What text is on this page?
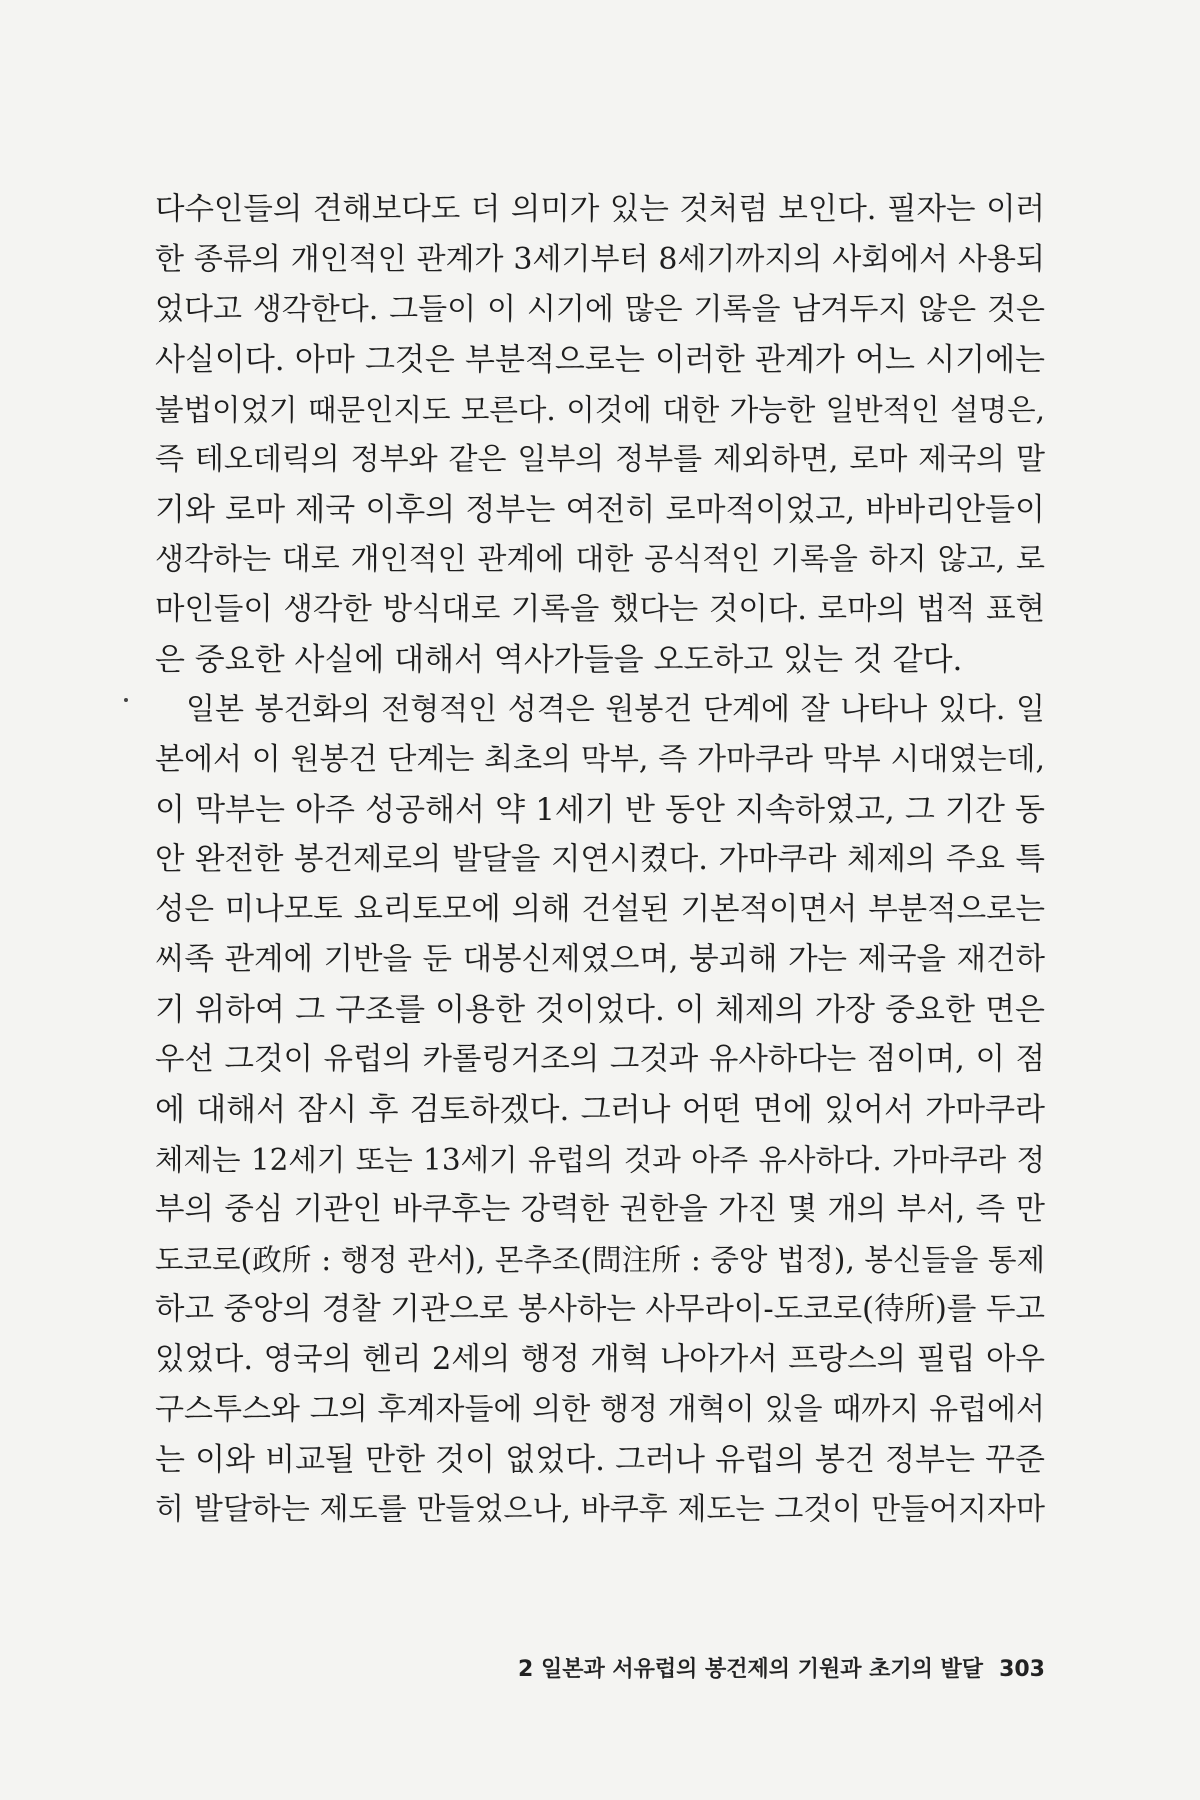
다수인들의 견해보다도 더 의미가 있는 것처럼 보인다. 필자는 이러
한 종류의 개인적인 관계가 3세기부터 8세기까지의 사회에서 사용되
었다고 생각한다. 그들이 이 시기에 많은 기록을 남겨두지 않은 것은
사실이다. 아마 그것은 부분적으로는 이러한 관계가 어느 시기에는
불법이었기 때문인지도 모른다. 이것에 대한 가능한 일반적인 설명은,
즉 테오데릭의 정부와 같은 일부의 정부를 제외하면, 로마 제국의 말
기와 로마 제국 이후의 정부는 여전히 로마적이었고, 바바리안들이
생각하는 대로 개인적인 관계에 대한 공식적인 기록을 하지 않고, 로
마인들이 생각한 방식대로 기록을 했다는 것이다. 로마의 법적 표현
은 중요한 사실에 대해서 역사가들을 오도하고 있는 것 같다.
일본 봉건화의 전형적인 성격은 원봉건 단계에 잘 나타나 있다. 일
본에서 이 원봉건 단계는 최초의 막부, 즉 가마쿠라 막부 시대였는데,
이 막부는 아주 성공해서 약 1세기 반 동안 지속하였고, 그 기간 동
안 완전한 봉건제로의 발달을 지연시켰다. 가마쿠라 체제의 주요 특
성은 미나모토 요리토모에 의해 건설된 기본적이면서 부분적으로는
씨족 관계에 기반을 둔 대봉신제였으며, 붕괴해 가는 제국을 재건하
기 위하여 그 구조를 이용한 것이었다. 이 체제의 가장 중요한 면은
우선 그것이 유럽의 카롤링거조의 그것과 유사하다는 점이며, 이 점
에 대해서 잠시 후 검토하겠다. 그러나 어떤 면에 있어서 가마쿠라
체제는 12세기 또는 13세기 유럽의 것과 아주 유사하다. 가마쿠라 정
부의 중심 기관인 바쿠후는 강력한 권한을 가진 몇 개의 부서, 즉 만
도코로(政所 : 행정 관서), 몬추조(問注所 : 중앙 법정), 봉신들을 통제
하고 중앙의 경찰 기관으로 봉사하는 사무라이-도코로(待所)를 두고
있었다. 영국의 헨리 2세의 행정 개혁 나아가서 프랑스의 필립 아우
구스투스와 그의 후계자들에 의한 행정 개혁이 있을 때까지 유럽에서
는 이와 비교될 만한 것이 없었다. 그러나 유럽의 봉건 정부는 꾸준
히 발달하는 제도를 만들었으나, 바쿠후 제도는 그것이 만들어지자마
2 일본과 서유럽의 봉건제의 기원과 초기의 발달 303
